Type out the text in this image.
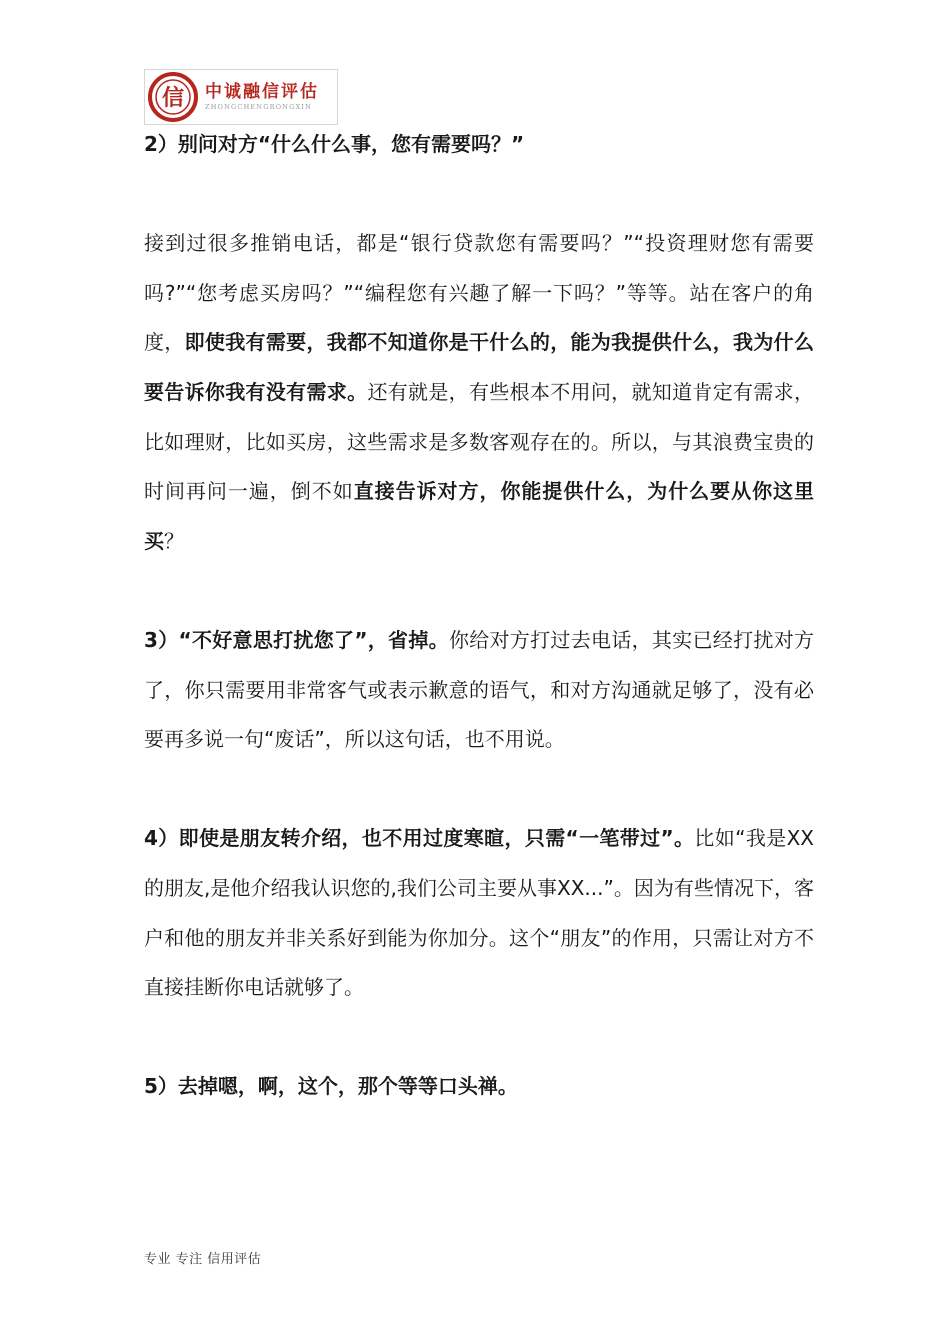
信 中诚融信评估
ZHONGCHENGRONGXIN

2）别问对方“什么什么事，您有需要吗？”

接到过很多推销电话，都是“银行贷款您有需要吗？”“投资理财您有需要吗?”“您考虑买房吗？”“编程您有兴趣了解一下吗？”等等。站在客户的角度，即使我有需要，我都不知道你是干什么的，能为我提供什么，我为什么要告诉你我有没有需求。还有就是，有些根本不用问，就知道肯定有需求，比如理财，比如买房，这些需求是多数客观存在的。所以，与其浪费宝贵的时间再问一遍，倒不如直接告诉对方，你能提供什么，为什么要从你这里买？

3）“不好意思打扰您了”，省掉。你给对方打过去电话，其实已经打扰对方了，你只需要用非常客气或表示歉意的语气，和对方沟通就足够了，没有必要再多说一句“废话”，所以这句话，也不用说。

4）即使是朋友转介绍，也不用过度寒暄，只需“一笔带过”。比如“我是XX的朋友,是他介绍我认识您的,我们公司主要从事XX...”。因为有些情况下，客户和他的朋友并非关系好到能为你加分。这个“朋友”的作用，只需让对方不直接挂断你电话就够了。

5）去掉嗯，啊，这个，那个等等口头禅。

专业 专注 信用评估
